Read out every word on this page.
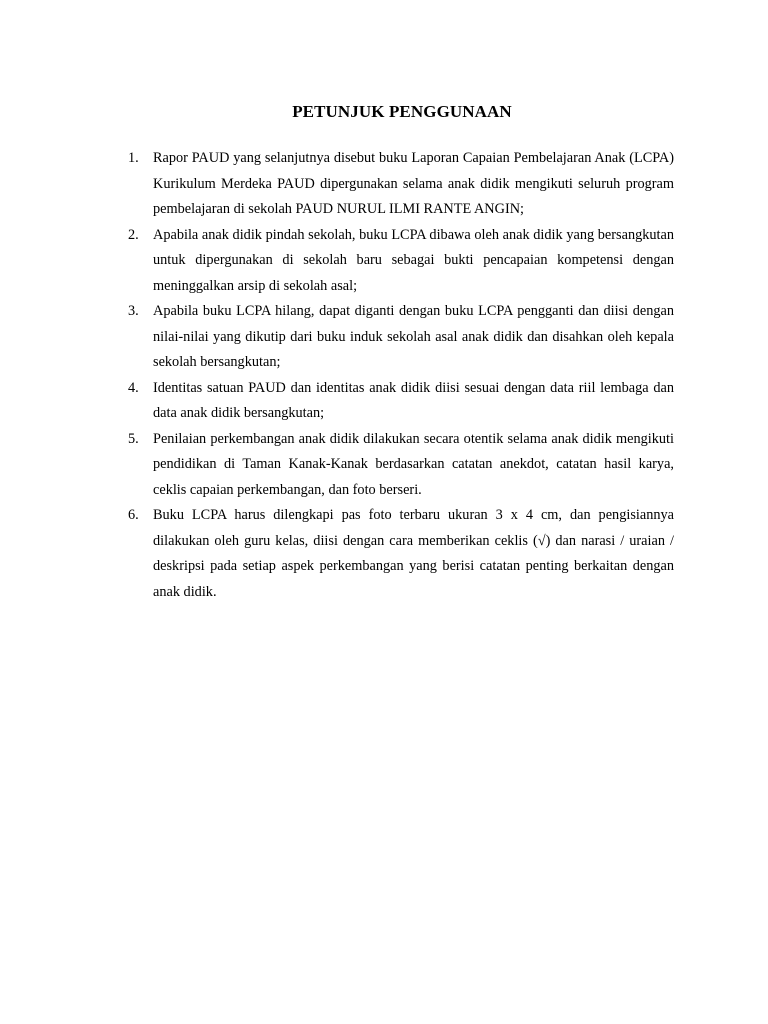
PETUNJUK PENGGUNAAN
1. Rapor PAUD yang selanjutnya disebut buku Laporan Capaian Pembelajaran Anak (LCPA) Kurikulum Merdeka PAUD dipergunakan selama anak didik mengikuti seluruh program pembelajaran di sekolah PAUD NURUL ILMI RANTE ANGIN;
2. Apabila anak didik pindah sekolah, buku LCPA dibawa oleh anak didik yang bersangkutan untuk dipergunakan di sekolah baru sebagai bukti pencapaian kompetensi dengan meninggalkan arsip di sekolah asal;
3. Apabila buku LCPA hilang, dapat diganti dengan buku LCPA pengganti dan diisi dengan nilai-nilai yang dikutip dari buku induk sekolah asal anak didik dan disahkan oleh kepala sekolah bersangkutan;
4. Identitas satuan PAUD dan identitas anak didik diisi sesuai dengan data riil lembaga dan data anak didik bersangkutan;
5. Penilaian perkembangan anak didik dilakukan secara otentik selama anak didik mengikuti pendidikan di Taman Kanak-Kanak berdasarkan catatan anekdot, catatan hasil karya, ceklis capaian perkembangan, dan foto berseri.
6. Buku LCPA harus dilengkapi pas foto terbaru ukuran 3 x 4 cm, dan pengisiannya dilakukan oleh guru kelas, diisi dengan cara memberikan ceklis (√) dan narasi / uraian / deskripsi pada setiap aspek perkembangan yang berisi catatan penting berkaitan dengan anak didik.
